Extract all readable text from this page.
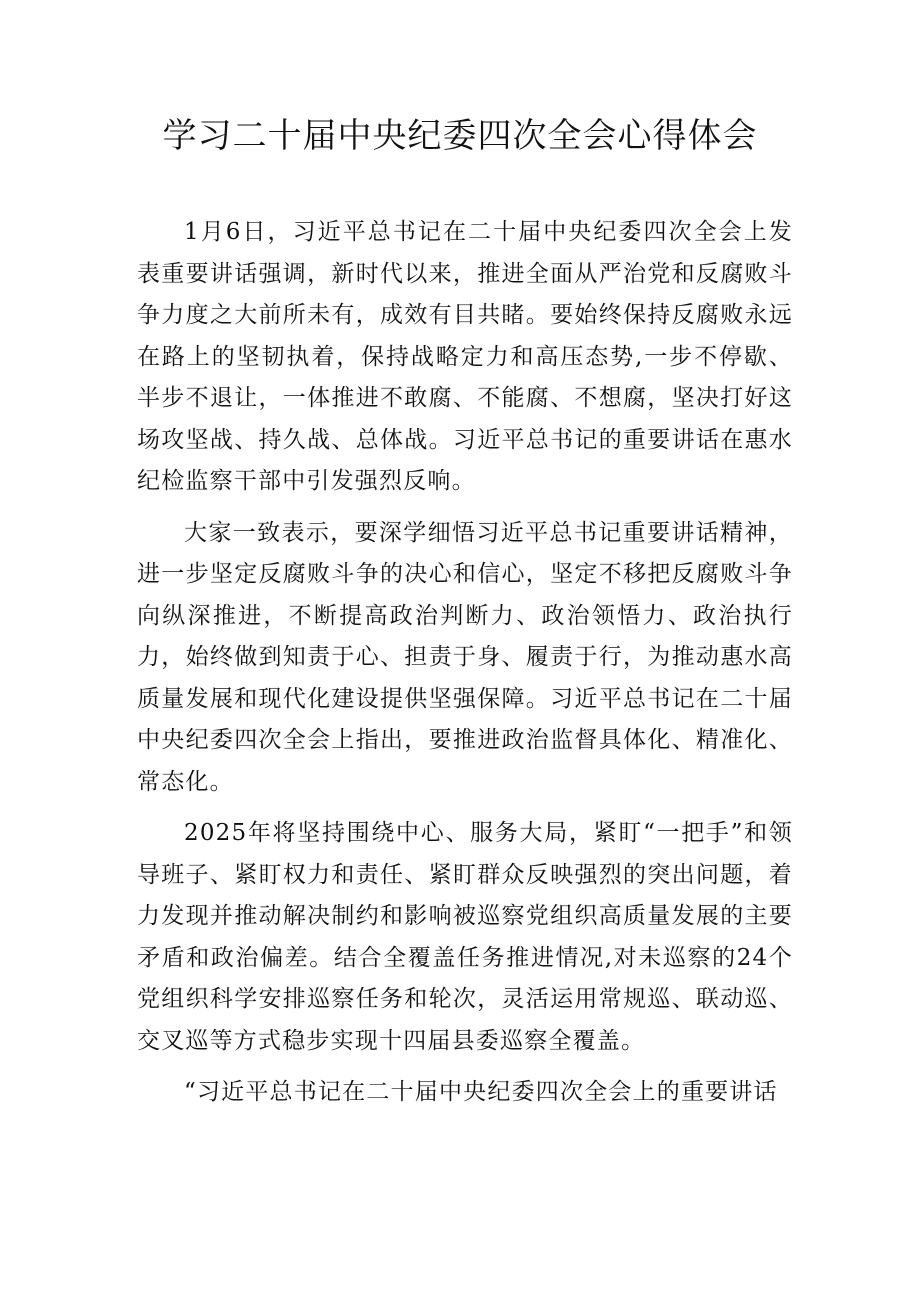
学习二十届中央纪委四次全会心得体会

1月6日，习近平总书记在二十届中央纪委四次全会上发表重要讲话强调，新时代以来，推进全面从严治党和反腐败斗争力度之大前所未有，成效有目共睹。要始终保持反腐败永远在路上的坚韧执着，保持战略定力和高压态势,一步不停歇、半步不退让，一体推进不敢腐、不能腐、不想腐，坚决打好这场攻坚战、持久战、总体战。习近平总书记的重要讲话在惠水纪检监察干部中引发强烈反响。

大家一致表示，要深学细悟习近平总书记重要讲话精神，进一步坚定反腐败斗争的决心和信心，坚定不移把反腐败斗争向纵深推进，不断提高政治判断力、政治领悟力、政治执行力，始终做到知责于心、担责于身、履责于行，为推动惠水高质量发展和现代化建设提供坚强保障。习近平总书记在二十届中央纪委四次全会上指出，要推进政治监督具体化、精准化、常态化。

2025年将坚持围绕中心、服务大局，紧盯“一把手”和领导班子、紧盯权力和责任、紧盯群众反映强烈的突出问题，着力发现并推动解决制约和影响被巡察党组织高质量发展的主要矛盾和政治偏差。结合全覆盖任务推进情况,对未巡察的24个党组织科学安排巡察任务和轮次，灵活运用常规巡、联动巡、交叉巡等方式稳步实现十四届县委巡察全覆盖。

“习近平总书记在二十届中央纪委四次全会上的重要讲话
